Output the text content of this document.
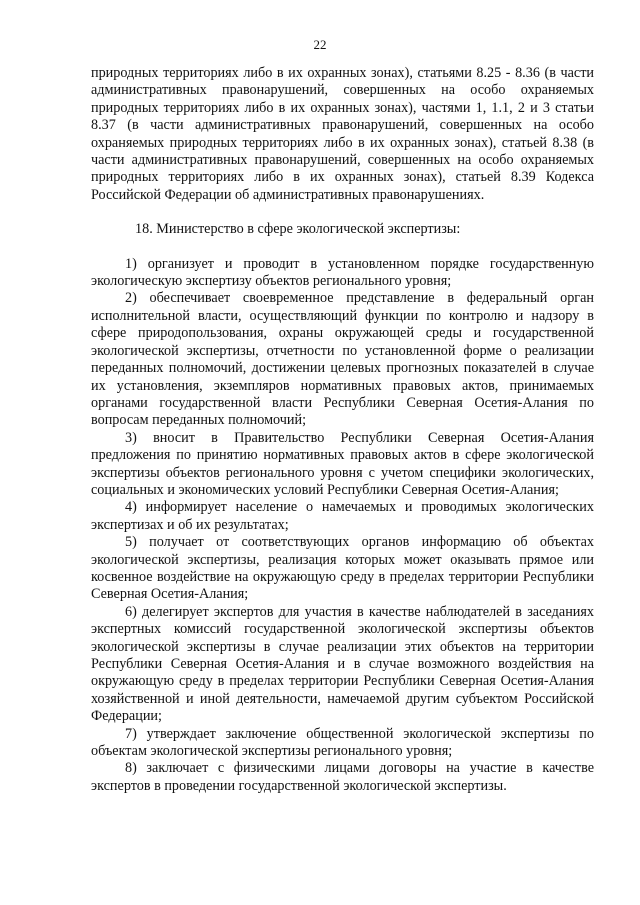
22

природных территориях либо в их охранных зонах), статьями 8.25 - 8.36 (в части административных правонарушений, совершенных на особо охраняемых природных территориях либо в их охранных зонах), частями 1, 1.1, 2 и 3 статьи 8.37 (в части административных правонарушений, совершенных на особо охраняемых природных территориях либо в их охранных зонах), статьей 8.38 (в части административных правонарушений, совершенных на особо охраняемых природных территориях либо в их охранных зонах), статьей 8.39 Кодекса Российской Федерации об административных правонарушениях.

18. Министерство в сфере экологической экспертизы:

1) организует и проводит в установленном порядке государственную экологическую экспертизу объектов регионального уровня;

2) обеспечивает своевременное представление в федеральный орган исполнительной власти, осуществляющий функции по контролю и надзору в сфере природопользования, охраны окружающей среды и государственной экологической экспертизы, отчетности по установленной форме о реализации переданных полномочий, достижении целевых прогнозных показателей в случае их установления, экземпляров нормативных правовых актов, принимаемых органами государственной власти Республики Северная Осетия-Алания по вопросам переданных полномочий;

3) вносит в Правительство Республики Северная Осетия-Алания предложения по принятию нормативных правовых актов в сфере экологической экспертизы объектов регионального уровня с учетом специфики экологических, социальных и экономических условий Республики Северная Осетия-Алания;

4) информирует население о намечаемых и проводимых экологических экспертизах и об их результатах;

5) получает от соответствующих органов информацию об объектах экологической экспертизы, реализация которых может оказывать прямое или косвенное воздействие на окружающую среду в пределах территории Республики Северная Осетия-Алания;

6) делегирует экспертов для участия в качестве наблюдателей в заседаниях экспертных комиссий государственной экологической экспертизы объектов экологической экспертизы в случае реализации этих объектов на территории Республики Северная Осетия-Алания и в случае возможного воздействия на окружающую среду в пределах территории Республики Северная Осетия-Алания хозяйственной и иной деятельности, намечаемой другим субъектом Российской Федерации;

7) утверждает заключение общественной экологической экспертизы по объектам экологической экспертизы регионального уровня;

8) заключает с физическими лицами договоры на участие в качестве экспертов в проведении государственной экологической экспертизы.
